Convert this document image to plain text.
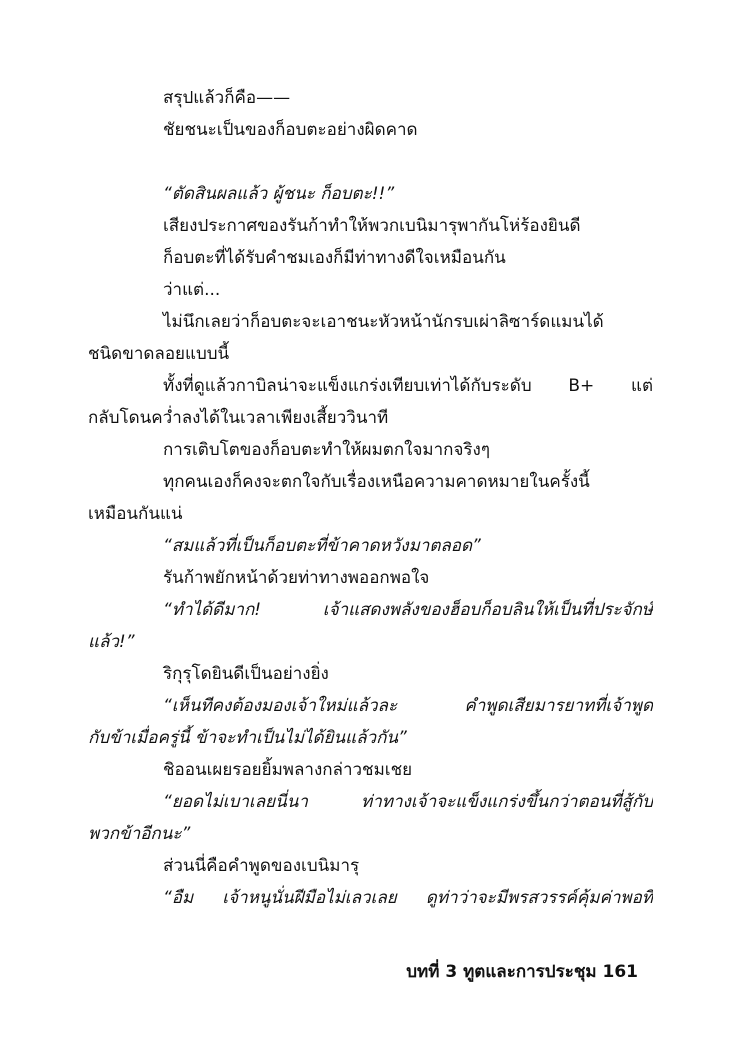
สรุปแล้วก็คือ——
ชัยชนะเป็นของก็อบตะอย่างผิดคาด
“ตัดสินผลแล้ว ผู้ชนะ ก็อบตะ!!”
เสียงประกาศของรันก้าทำให้พวกเบนิมารุพากันโห่ร้องยินดี
ก็อบตะที่ได้รับคำชมเองก็มีท่าทางดีใจเหมือนกัน
ว่าแต่...
ไม่นึกเลยว่าก็อบตะจะเอาชนะหัวหน้านักรบเผ่าลิซาร์ดแมนได้
ชนิดขาดลอยแบบนี้
ทั้งที่ดูแล้วกาบิลน่าจะแข็งแกร่งเทียบเท่าได้กับระดับ B+ แต่
กลับโดนคว่ำลงได้ในเวลาเพียงเสี้ยววินาที
การเติบโตของก็อบตะทำให้ผมตกใจมากจริงๆ
ทุกคนเองก็คงจะตกใจกับเรื่องเหนือความคาดหมายในครั้งนี้
เหมือนกันแน่
“สมแล้วที่เป็นก็อบตะที่ข้าคาดหวังมาตลอด”
รันก้าพยักหน้าด้วยท่าทางพออกพอใจ
“ทำได้ดีมาก! เจ้าแสดงพลังของฮ็อบก็อบลินให้เป็นที่ประจักษ์
แล้ว!”
ริกุรุโดยินดีเป็นอย่างยิ่ง
“เห็นทีคงต้องมองเจ้าใหม่แล้วละ คำพูดเสียมารยาทที่เจ้าพูด
กับข้าเมื่อครู่นี้ ข้าจะทำเป็นไม่ได้ยินแล้วกัน”
ชิออนเผยรอยยิ้มพลางกล่าวชมเชย
“ยอดไม่เบาเลยนี่นา ท่าทางเจ้าจะแข็งแกร่งขึ้นกว่าตอนที่สู้กับ
พวกข้าอีกนะ”
ส่วนนี่คือคำพูดของเบนิมารุ
“อืม เจ้าหนูนั่นฝีมือไม่เลวเลย ดูท่าว่าจะมีพรสวรรค์คุ้มค่าพอที่
บทที่ 3 ทูตและการประชุม 161
